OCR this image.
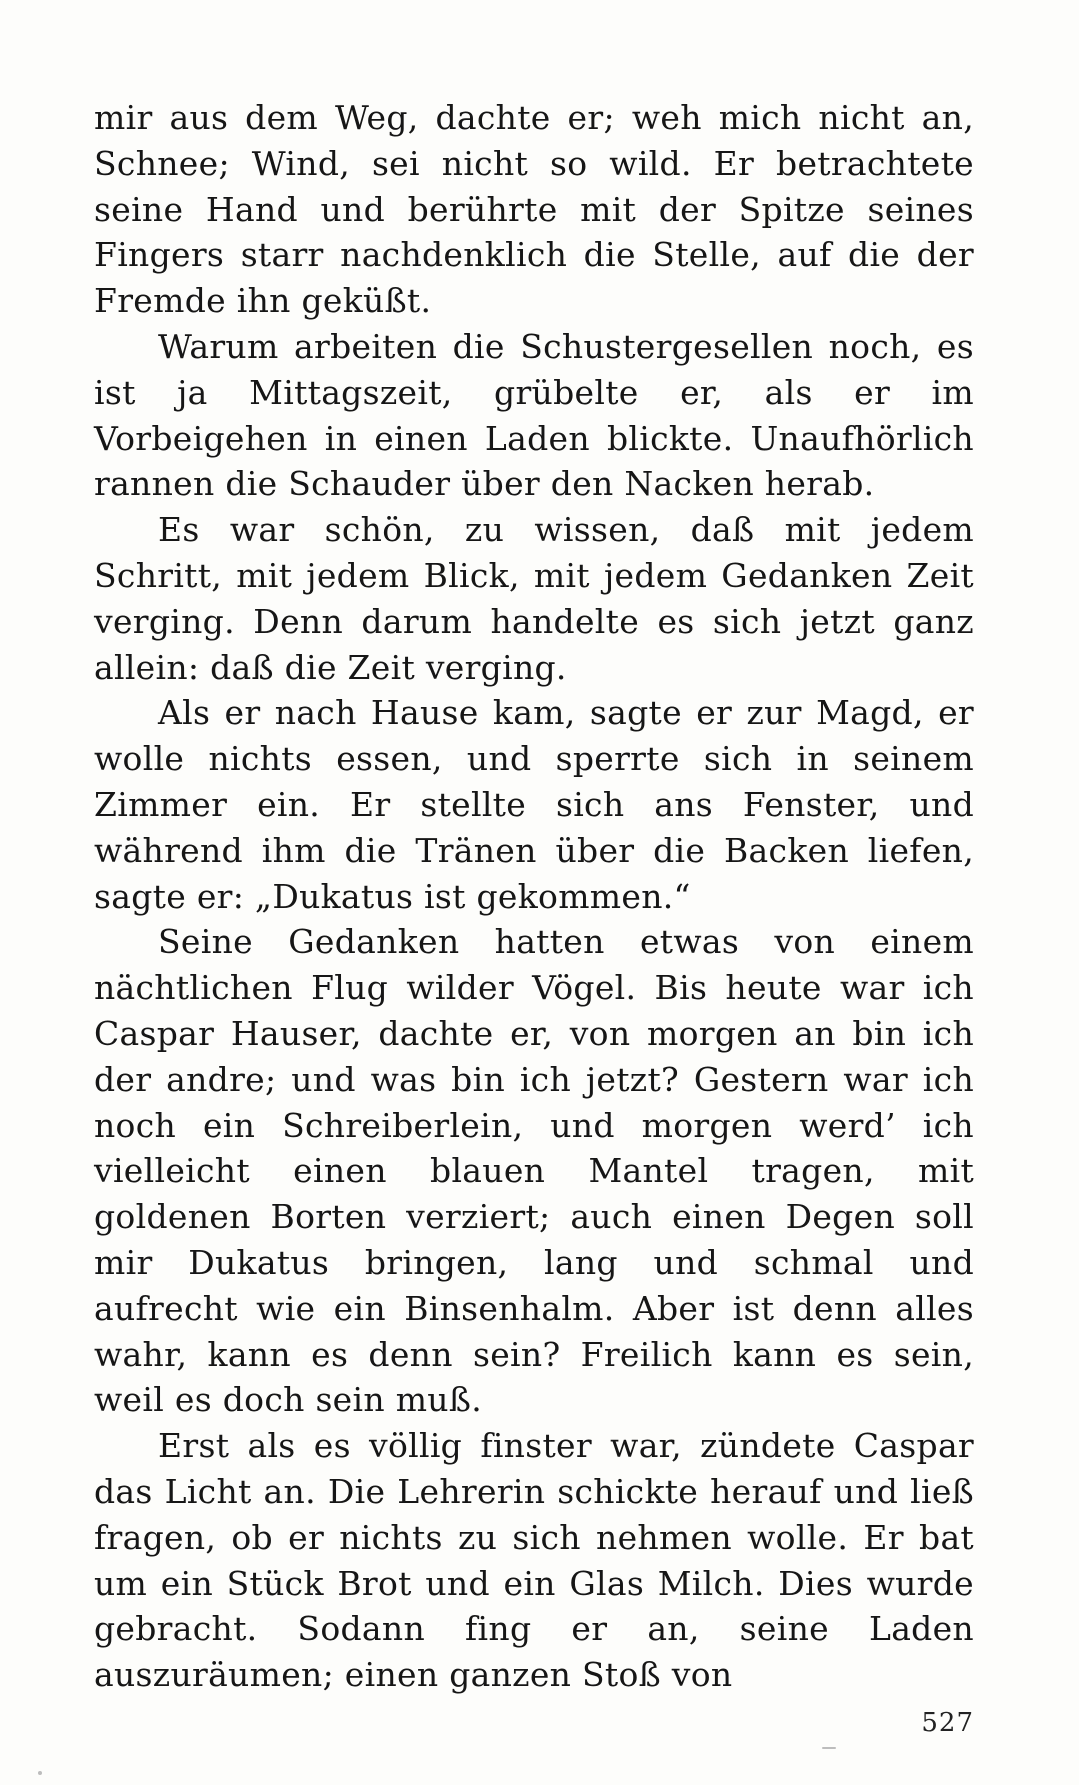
mir aus dem Weg, dachte er; weh mich nicht an, Schnee; Wind, sei nicht so wild. Er betrachtete seine Hand und berührte mit der Spitze seines Fingers starr nachdenklich die Stelle, auf die der Fremde ihn geküßt.

Warum arbeiten die Schustergesellen noch, es ist ja Mittagszeit, grübelte er, als er im Vorbeigehen in einen Laden blickte. Unaufhörlich rannen die Schauder über den Nacken herab.

Es war schön, zu wissen, daß mit jedem Schritt, mit jedem Blick, mit jedem Gedanken Zeit verging. Denn darum handelte es sich jetzt ganz allein: daß die Zeit verging.

Als er nach Hause kam, sagte er zur Magd, er wolle nichts essen, und sperrte sich in seinem Zimmer ein. Er stellte sich ans Fenster, und während ihm die Tränen über die Backen liefen, sagte er: „Dukatus ist gekommen.“

Seine Gedanken hatten etwas von einem nächtlichen Flug wilder Vögel. Bis heute war ich Caspar Hauser, dachte er, von morgen an bin ich der andre; und was bin ich jetzt? Gestern war ich noch ein Schreiberlein, und morgen werd’ ich vielleicht einen blauen Mantel tragen, mit goldenen Borten verziert; auch einen Degen soll mir Dukatus bringen, lang und schmal und aufrecht wie ein Binsenhalm. Aber ist denn alles wahr, kann es denn sein? Freilich kann es sein, weil es doch sein muß.

Erst als es völlig finster war, zündete Caspar das Licht an. Die Lehrerin schickte herauf und ließ fragen, ob er nichts zu sich nehmen wolle. Er bat um ein Stück Brot und ein Glas Milch. Dies wurde gebracht. Sodann fing er an, seine Laden auszuräumen; einen ganzen Stoß von

527
